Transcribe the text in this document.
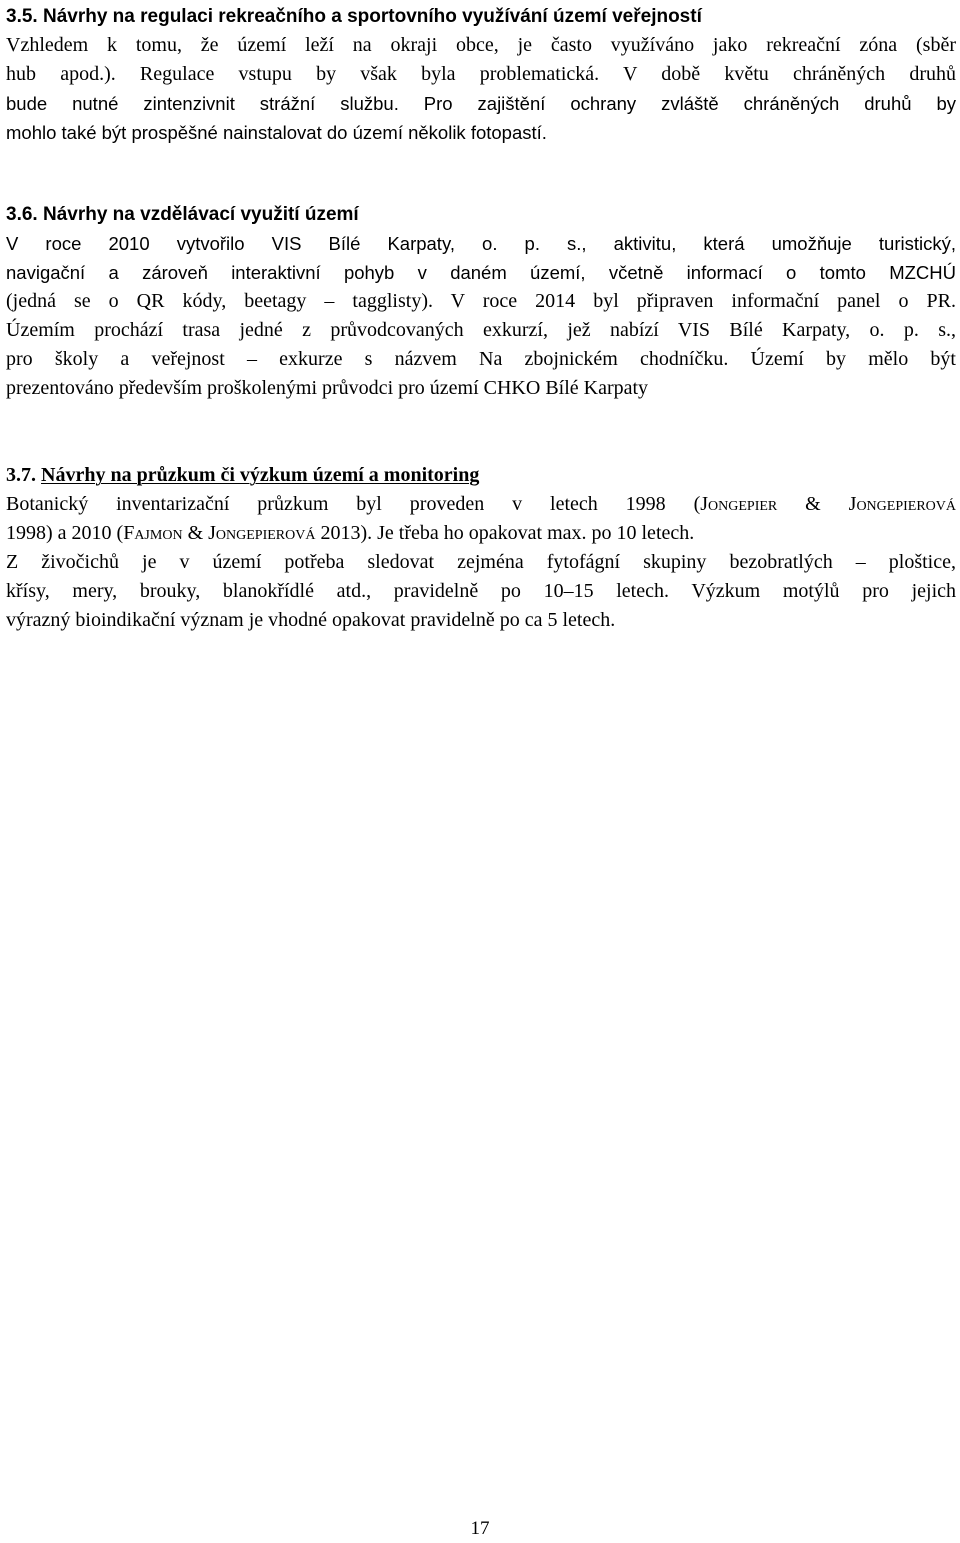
3.5. Návrhy na regulaci rekreačního a sportovního využívání území veřejností
Vzhledem k tomu, že území leží na okraji obce, je často využíváno jako rekreační zóna (sběr
hub apod.). Regulace vstupu by však byla problematická. V době květu chráněných druhů
bude nutné zintenzivnit strážní službu. Pro zajištění ochrany zvláště chráněných druhů by
mohlo také být prospěšné nainstalovat do území několik fotopastí.
3.6. Návrhy na vzdělávací využití území
V roce 2010 vytvořilo VIS Bílé Karpaty, o. p. s., aktivitu, která umožňuje turistický,
navigační a zároveň interaktivní pohyb v daném území, včetně informací o tomto MZCHÚ
(jedná se o QR kódy, beetagy – tagglisty). V roce 2014 byl připraven informační panel o PR.
Územím prochází trasa jedné z průvodcovaných exkurzí, jež nabízí VIS Bílé Karpaty, o. p. s.,
pro školy a veřejnost – exkurze s názvem Na zbojnickém chodníčku. Území by mělo být
prezentováno především proškolenými průvodci pro území CHKO Bílé Karpaty
3.7. Návrhy na průzkum či výzkum území a monitoring
Botanický inventarizační průzkum byl proveden v letech 1998 (Jongepier & Jongepierová
1998) a 2010 (Fajmon & Jongepierová 2013). Je třeba ho opakovat max. po 10 letech.
Z živočichů je v území potřeba sledovat zejména fytofágní skupiny bezobratlých – ploštice,
křísy, mery, brouky, blanokřídlé atd., pravidelně po 10–15 letech. Výzkum motýlů pro jejich
výrazný bioindikační význam je vhodné opakovat pravidelně po ca 5 letech.
17
